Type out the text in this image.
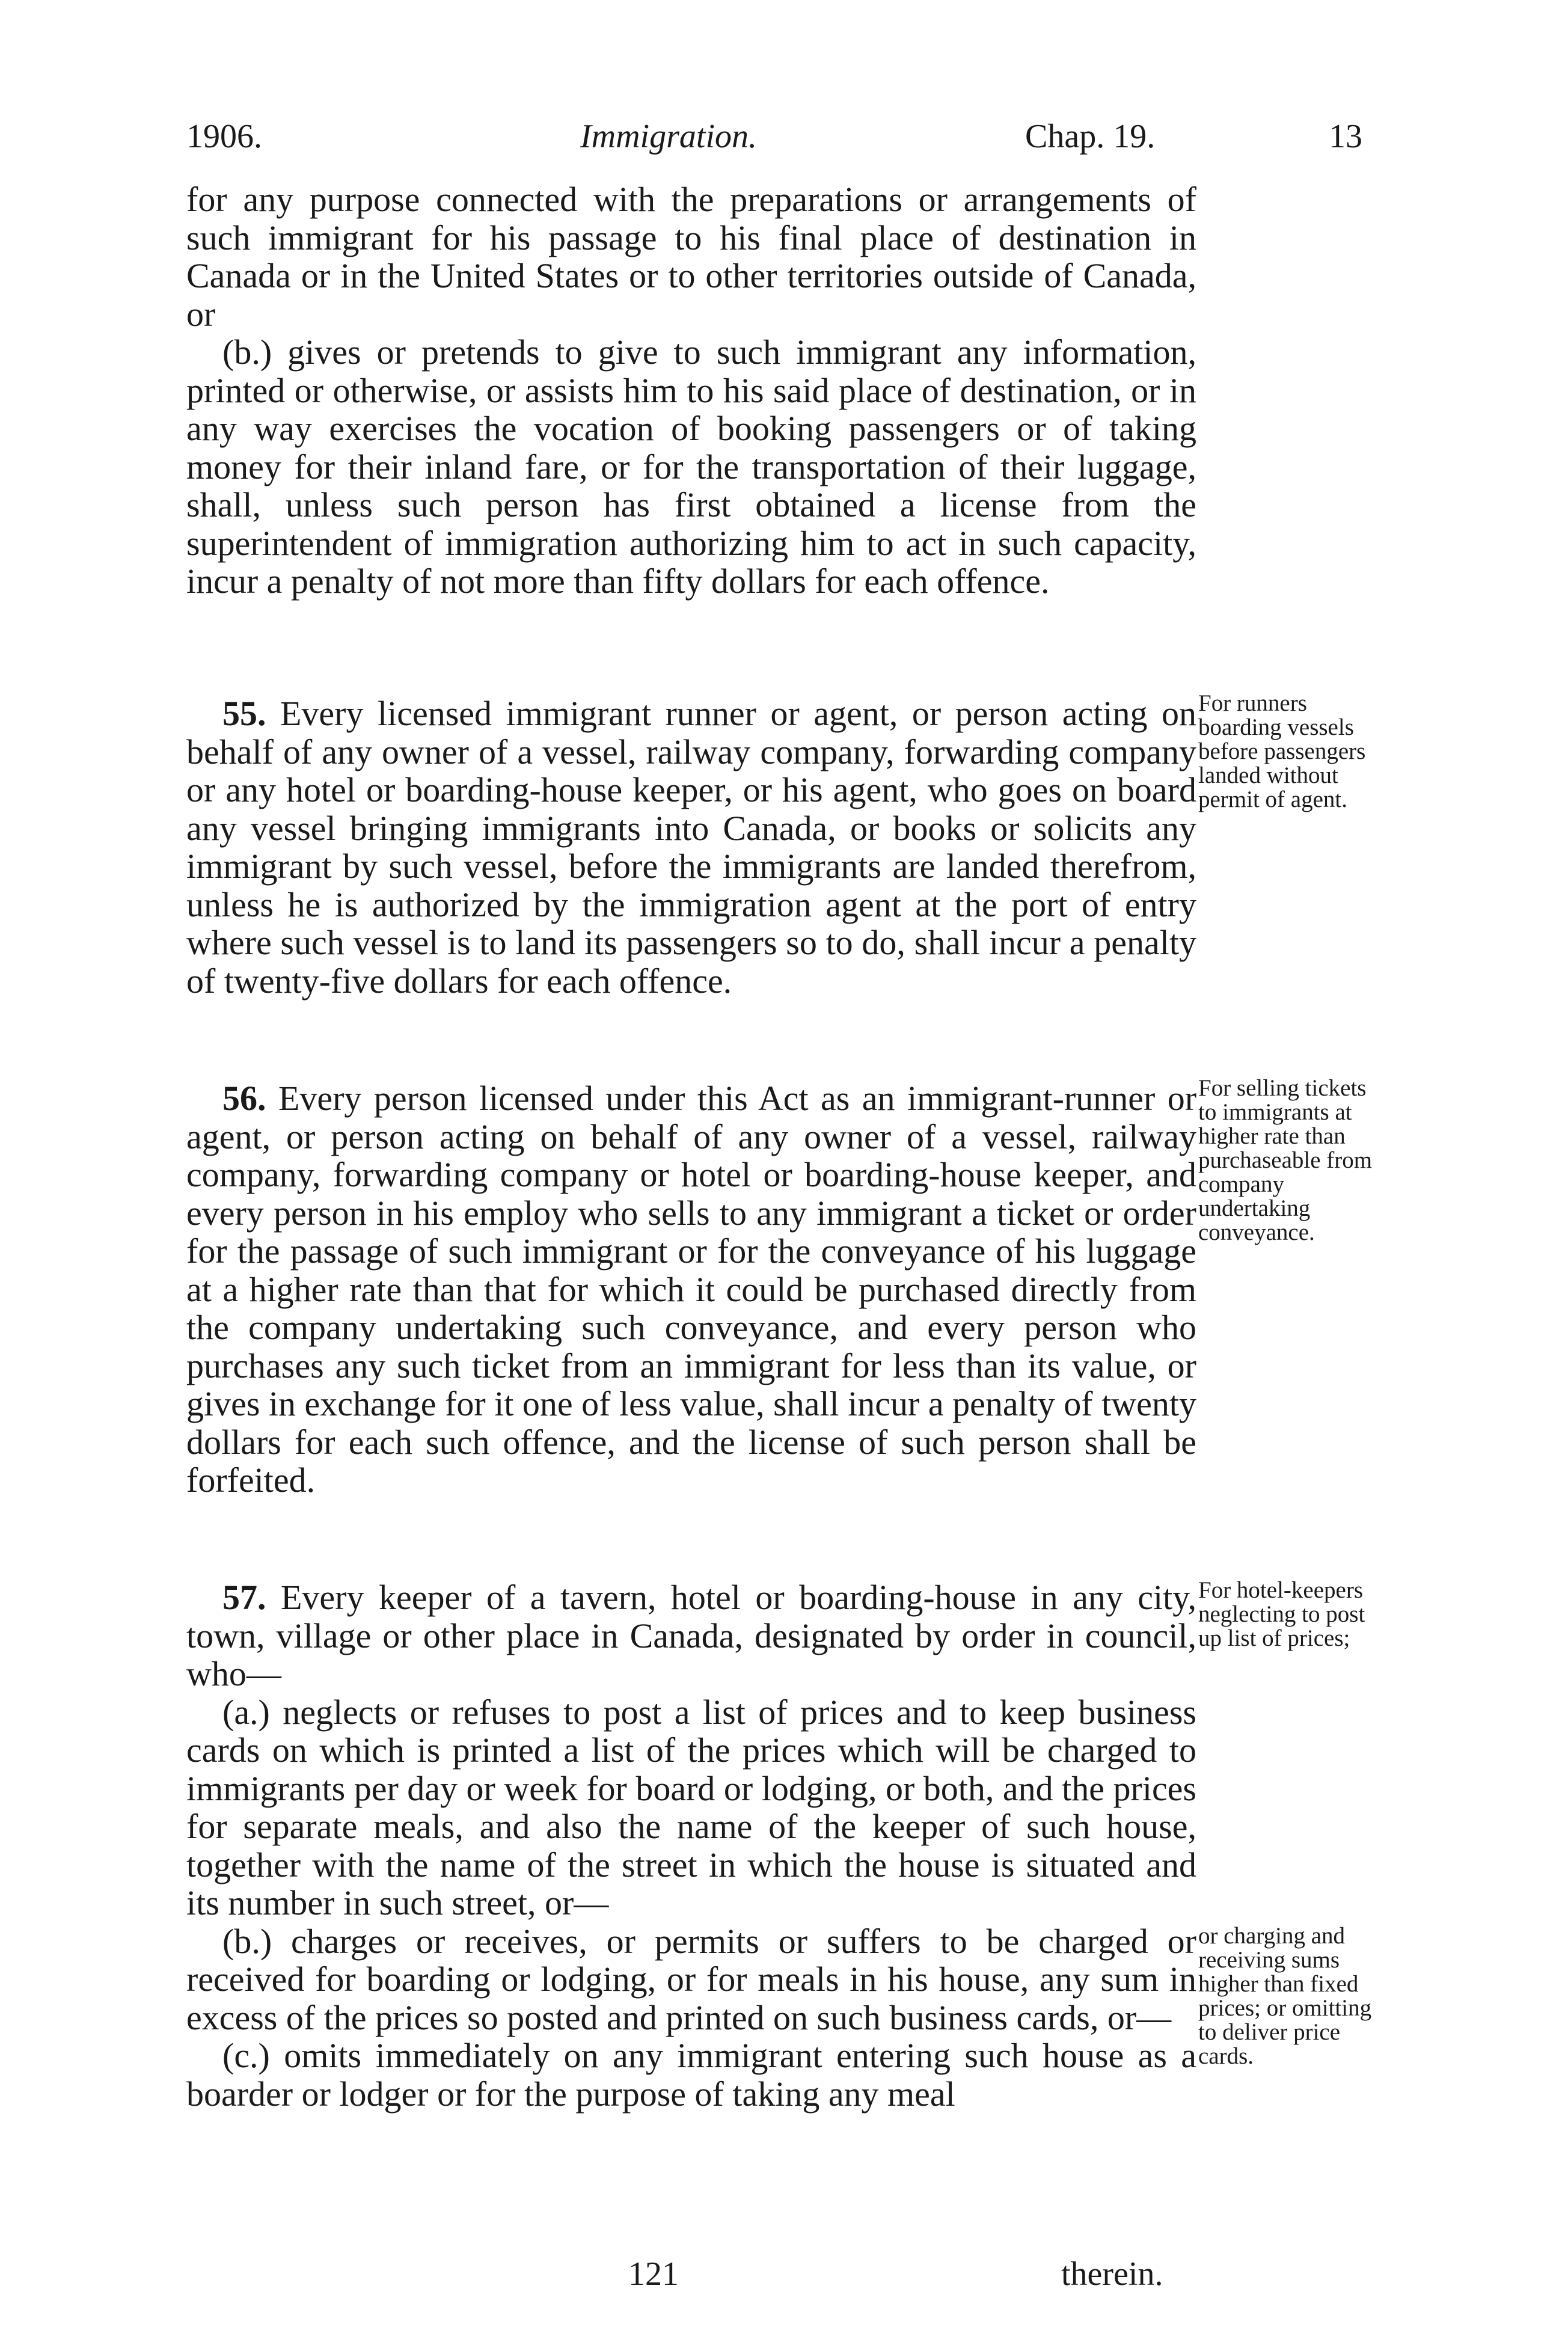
1906.	Immigration.	Chap. 19.	13

for any purpose connected with the preparations or arrangements of such immigrant for his passage to his final place of destination in Canada or in the United States or to other territories outside of Canada, or

(b.) gives or pretends to give to such immigrant any information, printed or otherwise, or assists him to his said place of destination, or in any way exercises the vocation of booking passengers or of taking money for their inland fare, or for the transportation of their luggage, shall, unless such person has first obtained a license from the superintendent of immigration authorizing him to act in such capacity, incur a penalty of not more than fifty dollars for each offence.

55. Every licensed immigrant runner or agent, or person acting on behalf of any owner of a vessel, railway company, forwarding company or any hotel or boarding-house keeper, or his agent, who goes on board any vessel bringing immigrants into Canada, or books or solicits any immigrant by such vessel, before the immigrants are landed therefrom, unless he is authorized by the immigration agent at the port of entry where such vessel is to land its passengers so to do, shall incur a penalty of twenty-five dollars for each offence.

For runners boarding vessels before passengers landed without permit of agent.

56. Every person licensed under this Act as an immigrant-runner or agent, or person acting on behalf of any owner of a vessel, railway company, forwarding company or hotel or boarding-house keeper, and every person in his employ who sells to any immigrant a ticket or order for the passage of such immigrant or for the conveyance of his luggage at a higher rate than that for which it could be purchased directly from the company undertaking such conveyance, and every person who purchases any such ticket from an immigrant for less than its value, or gives in exchange for it one of less value, shall incur a penalty of twenty dollars for each such offence, and the license of such person shall be forfeited.

For selling tickets to immigrants at higher rate than purchaseable from company undertaking conveyance.

57. Every keeper of a tavern, hotel or boarding-house in any city, town, village or other place in Canada, designated by order in council, who—

(a.) neglects or refuses to post a list of prices and to keep business cards on which is printed a list of the prices which will be charged to immigrants per day or week for board or lodging, or both, and the prices for separate meals, and also the name of the keeper of such house, together with the name of the street in which the house is situated and its number in such street, or—

(b.) charges or receives, or permits or suffers to be charged or received for boarding or lodging, or for meals in his house, any sum in excess of the prices so posted and printed on such business cards, or—

(c.) omits immediately on any immigrant entering such house as a boarder or lodger or for the purpose of taking any meal

For hotel-keepers neglecting to post up list of prices;
or charging and receiving sums higher than fixed prices; or omitting to deliver price cards.
121	therein.
